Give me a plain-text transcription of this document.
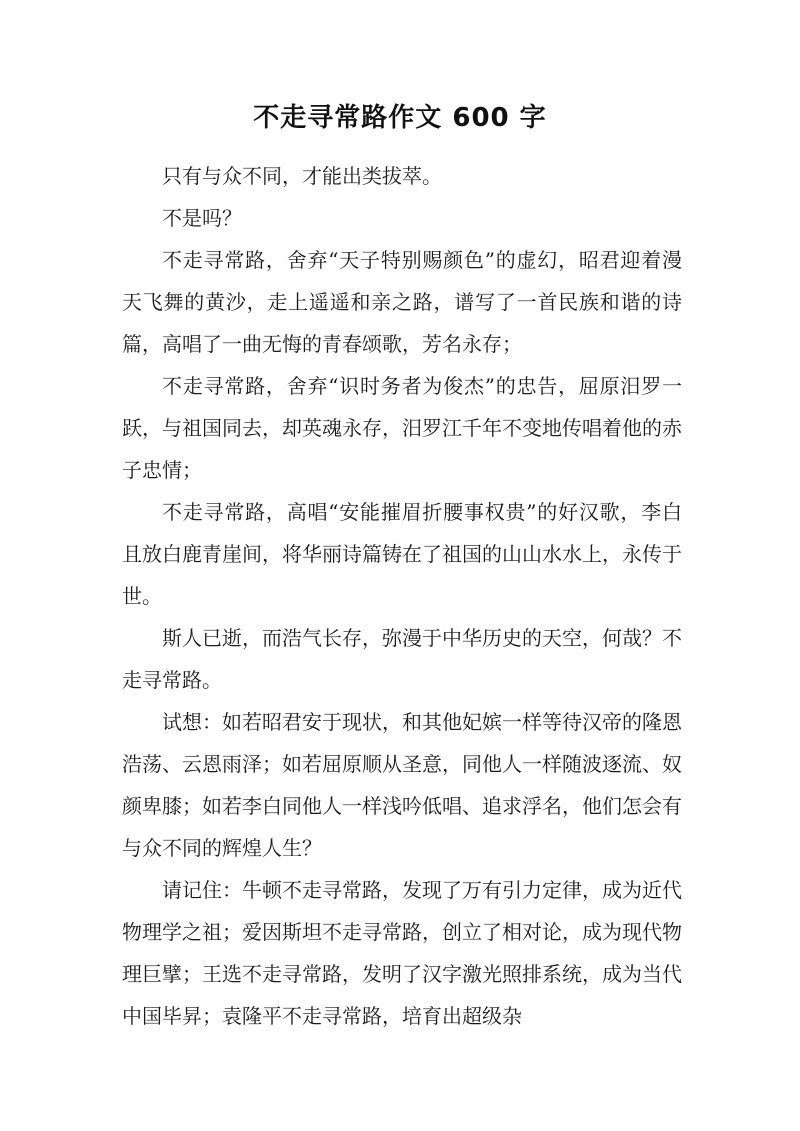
不走寻常路作文 600 字

只有与众不同，才能出类拔萃。

不是吗？

不走寻常路，舍弃“天子特别赐颜色”的虚幻，昭君迎着漫天飞舞的黄沙，走上遥遥和亲之路，谱写了一首民族和谐的诗篇，高唱了一曲无悔的青春颂歌，芳名永存；

不走寻常路，舍弃“识时务者为俊杰”的忠告，屈原汨罗一跃，与祖国同去，却英魂永存，汨罗江千年不变地传唱着他的赤子忠情；

不走寻常路，高唱“安能摧眉折腰事权贵”的好汉歌，李白且放白鹿青崖间，将华丽诗篇铸在了祖国的山山水水上，永传于世。

斯人已逝，而浩气长存，弥漫于中华历史的天空，何哉？不走寻常路。

试想：如若昭君安于现状，和其他妃嫔一样等待汉帝的隆恩浩荡、云恩雨泽；如若屈原顺从圣意，同他人一样随波逐流、奴颜卑膝；如若李白同他人一样浅吟低唱、追求浮名，他们怎会有与众不同的辉煌人生？

请记住：牛顿不走寻常路，发现了万有引力定律，成为近代物理学之祖；爱因斯坦不走寻常路，创立了相对论，成为现代物理巨擘；王选不走寻常路，发明了汉字激光照排系统，成为当代中国毕昇；袁隆平不走寻常路，培育出超级杂
